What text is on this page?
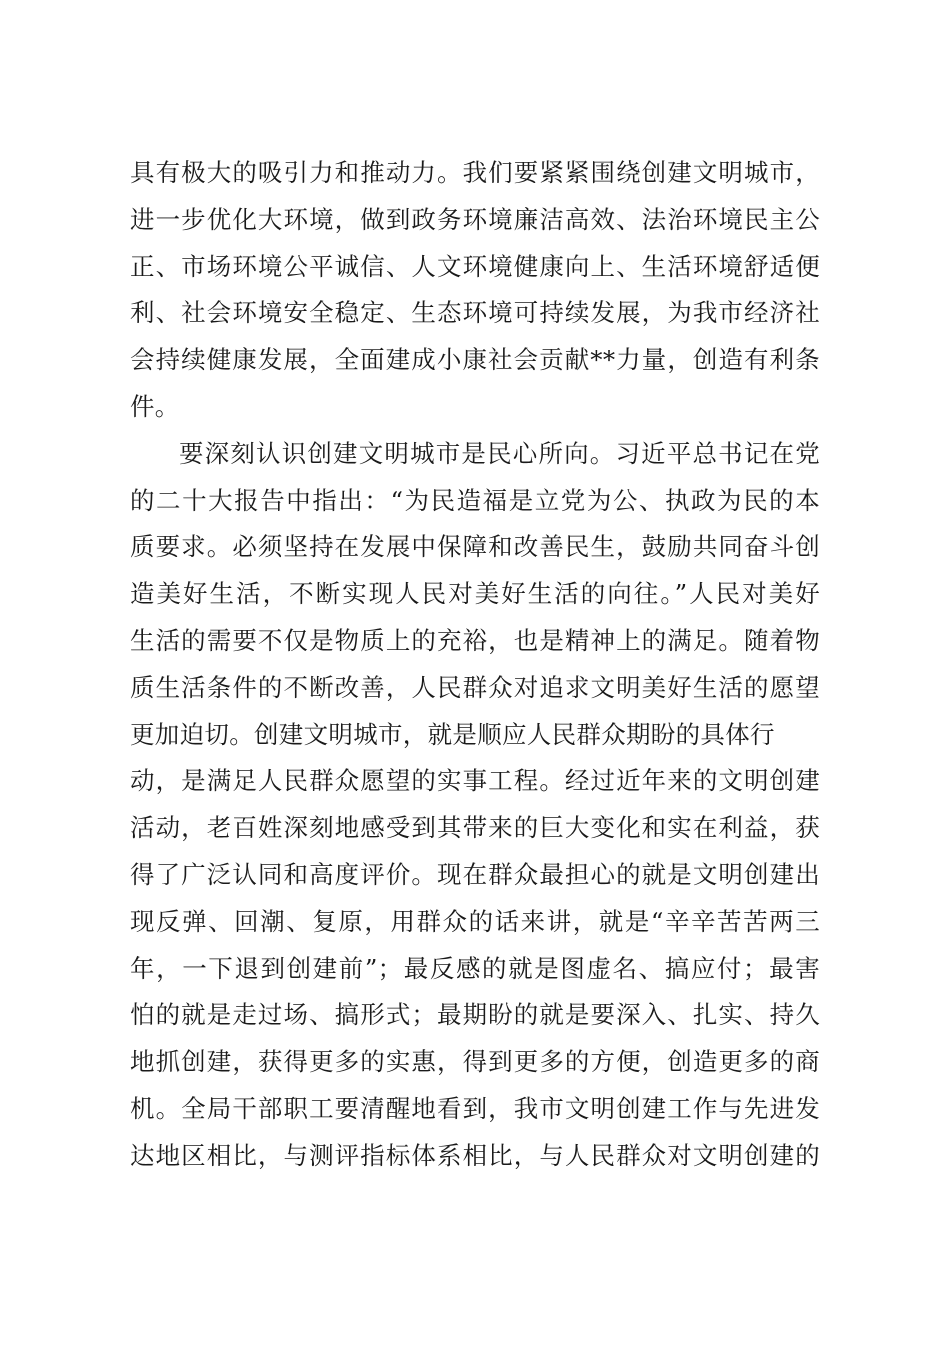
具有极大的吸引力和推动力。我们要紧紧围绕创建文明城市，
进一步优化大环境，做到政务环境廉洁高效、法治环境民主公
正、市场环境公平诚信、人文环境健康向上、生活环境舒适便
利、社会环境安全稳定、生态环境可持续发展，为我市经济社
会持续健康发展，全面建成小康社会贡献**力量，创造有利条
件。
要深刻认识创建文明城市是民心所向。习近平总书记在党
的二十大报告中指出：“为民造福是立党为公、执政为民的本
质要求。必须坚持在发展中保障和改善民生，鼓励共同奋斗创
造美好生活，不断实现人民对美好生活的向往。”人民对美好
生活的需要不仅是物质上的充裕，也是精神上的满足。随着物
质生活条件的不断改善，人民群众对追求文明美好生活的愿望
更加迫切。创建文明城市，就是顺应人民群众期盼的具体行
动，是满足人民群众愿望的实事工程。经过近年来的文明创建
活动，老百姓深刻地感受到其带来的巨大变化和实在利益，获
得了广泛认同和高度评价。现在群众最担心的就是文明创建出
现反弹、回潮、复原，用群众的话来讲，就是“辛辛苦苦两三
年，一下退到创建前”；最反感的就是图虚名、搞应付；最害
怕的就是走过场、搞形式；最期盼的就是要深入、扎实、持久
地抓创建，获得更多的实惠，得到更多的方便，创造更多的商
机。全局干部职工要清醒地看到，我市文明创建工作与先进发
达地区相比，与测评指标体系相比，与人民群众对文明创建的
